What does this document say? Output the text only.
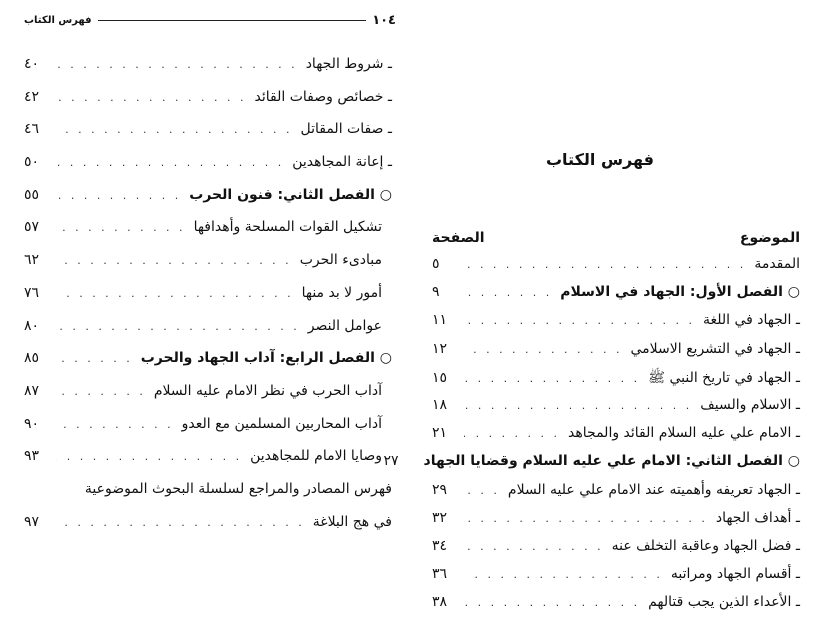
فهرس الكتاب	١٠٤
ـ شروط الجهاد
. . .
٤٠
ـ خصائص وصفات القائد
. . .
٤٢
ـ صفات المقاتل
. . .
٤٦
ـ إعانة المجاهدين
. . .
٥٠
○ الفصل الثاني: فنون الحرب
. . .
٥٥
تشكيل القوات المسلحة وأهدافها
. . .
٥٧
مبادىء الحرب
. . .
٦٢
أمور لا بد منها
. . .
٧٦
عوامل النصر
. . .
٨٠
○ الفصل الرابع: آداب الجهاد والحرب
. . .
٨٥
آداب الحرب في نظر الامام عليه السلام
. . .
٨٧
آداب المحاربين المسلمين مع العدو
. . .
٩٠
وصايا الامام للمجاهدين
. . .
٩٣
فهرس المصادر والمراجع لسلسلة البحوث الموضوعية
في هج البلاغة
. . .
٩٧
فهرس الكتاب
الموضوع
الصفحة
المقدمة
. . .
٥
○ الفصل الأول: الجهاد في الاسلام
. . .
٩
ـ الجهاد في اللغة
. . .
١١
ـ الجهاد في التشريع الاسلامي
. . .
١٢
ـ الجهاد في تاريخ النبي ﷺ
. . .
١٥
ـ الاسلام والسيف
. . .
١٨
ـ الامام علي عليه السلام القائد والمجاهد
. . .
٢١
○ الفصل الثاني: الامام علي عليه السلام وقضايا الجهاد
٢٧
ـ الجهاد تعريفه وأهميته عند الامام علي عليه السلام
. . .
٢٩
ـ أهداف الجهاد
. . .
٣٢
ـ فضل الجهاد وعاقبة التخلف عنه
. . .
٣٤
ـ أقسام الجهاد ومراتبه
. . .
٣٦
ـ الأعداء الذين يجب قتالهم
. . .
٣٨
